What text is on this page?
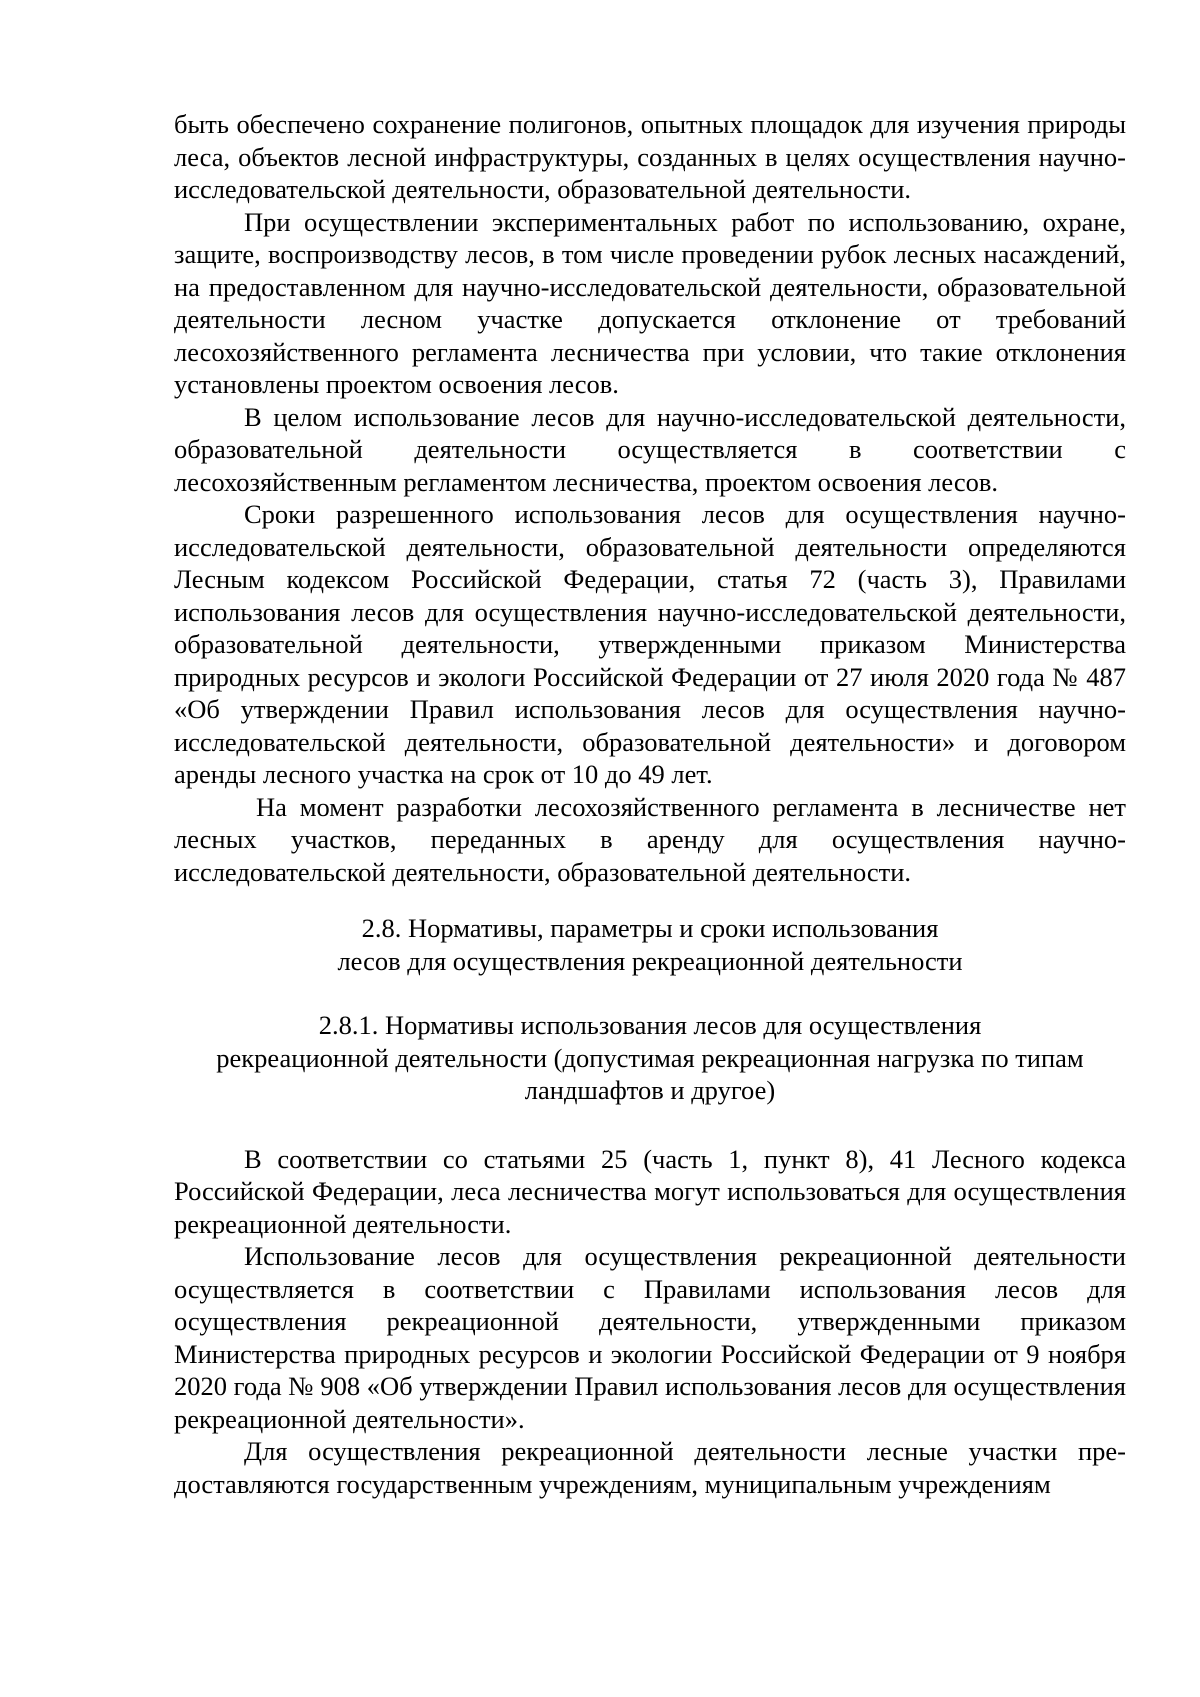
быть обеспечено сохранение полигонов, опытных площадок для изучения природы леса, объектов лесной инфраструктуры, созданных в целях осуществления научно-исследовательской деятельности, образовательной деятельности.

При осуществлении экспериментальных работ по использованию, охране, защите, воспроизводству лесов, в том числе проведении рубок лесных насаждений, на предоставленном для научно-исследовательской деятельности, образовательной деятельности лесном участке допускается отклонение от требований лесохозяйственного регламента лесничества при условии, что такие отклонения установлены проектом освоения лесов.

В целом использование лесов для научно-исследовательской деятельности, образовательной деятельности осуществляется в соответствии с лесохозяйственным регламентом лесничества, проектом освоения лесов.

Сроки разрешенного использования лесов для осуществления научно-исследовательской деятельности, образовательной деятельности определяются Лесным кодексом Российской Федерации, статья 72 (часть 3), Правилами использования лесов для осуществления научно-исследовательской деятельности, образовательной деятельности, утвержденными приказом Министерства природных ресурсов и экологи Российской Федерации от 27 июля 2020 года № 487 «Об утверждении Правил использования лесов для осуществления научно-исследовательской деятельности, образовательной деятельности» и договором аренды лесного участка на срок от 10 до 49 лет.

На момент разработки лесохозяйственного регламента в лесничестве нет лесных участков, переданных в аренду для осуществления научно-исследовательской деятельности, образовательной деятельности.

2.8. Нормативы, параметры и сроки использования
лесов для осуществления рекреационной деятельности
2.8.1. Нормативы использования лесов для осуществления
рекреационной деятельности (допустимая рекреационная нагрузка по типам
ландшафтов и другое)

В соответствии со статьями 25 (часть 1, пункт 8), 41 Лесного кодекса Российской Федерации, леса лесничества могут использоваться для осуществления рекреационной деятельности.

Использование лесов для осуществления рекреационной деятельности осуществляется в соответствии с Правилами использования лесов для осуществления рекреационной деятельности, утвержденными приказом Министерства природных ресурсов и экологии Российской Федерации от 9 ноября 2020 года № 908 «Об утверждении Правил использования лесов для осуществления рекреационной деятельности».

Для осуществления рекреационной деятельности лесные участки предоставляются государственным учреждениям, муниципальным учреждениям
